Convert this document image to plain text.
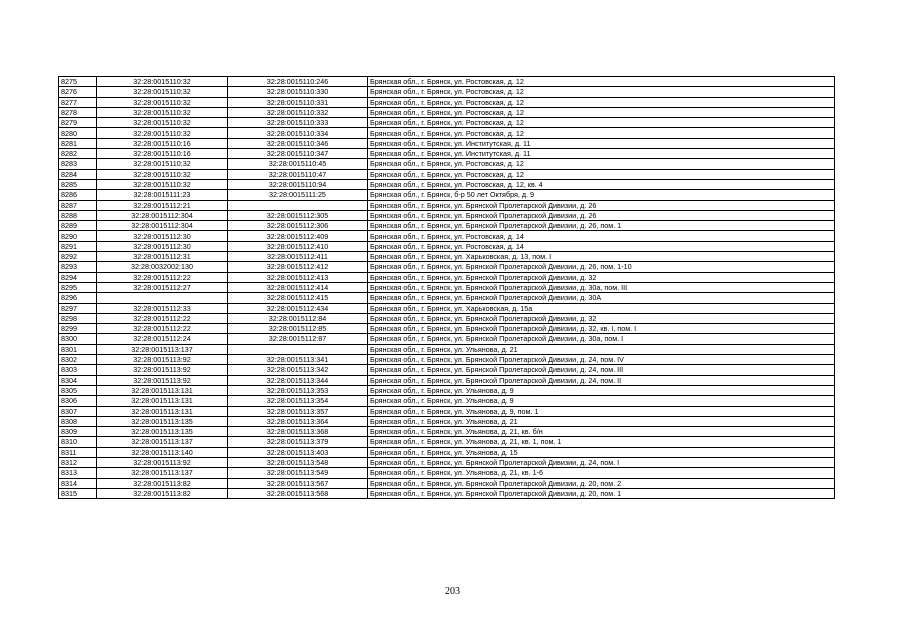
8275	32:28:0015110:32	32:28:0015110:246	Брянская обл., г. Брянск, ул. Ростовская, д. 12
8276	32:28:0015110:32	32:28:0015110:330	Брянская обл., г. Брянск, ул. Ростовская, д. 12
8277	32:28:0015110:32	32:28:0015110:331	Брянская обл., г. Брянск, ул. Ростовская, д. 12
8278	32:28:0015110:32	32:28:0015110:332	Брянская обл., г. Брянск, ул. Ростовская, д. 12
8279	32:28:0015110:32	32:28:0015110:333	Брянская обл., г. Брянск, ул. Ростовская, д. 12
8280	32:28:0015110:32	32:28:0015110:334	Брянская обл., г. Брянск, ул. Ростовская, д. 12
8281	32:28:0015110:16	32:28:0015110:346	Брянская обл., г. Брянск, ул. Институтская, д. 11
8282	32:28:0015110:16	32:28:0015110:347	Брянская обл., г. Брянск, ул. Институтская, д. 11
8283	32:28:0015110:32	32:28:0015110:45	Брянская обл., г. Брянск, ул. Ростовская, д. 12
8284	32:28:0015110:32	32:28:0015110:47	Брянская обл., г. Брянск, ул. Ростовская, д. 12
8285	32:28:0015110:32	32:28:0015110:94	Брянская обл., г. Брянск, ул. Ростовская, д. 12, кв. 4
8286	32:28:0015111:23	32:28:0015111:25	Брянская обл., г. Брянск, б-р 50 лет Октября, д. 9
8287	32:28:0015112:21		Брянская обл., г. Брянск, ул. Брянской Пролетарской Дивизии, д. 26
8288	32:28:0015112:304	32:28:0015112:305	Брянская обл., г. Брянск, ул. Брянской Пролетарской Дивизии, д. 26
8289	32:28:0015112:304	32:28:0015112:306	Брянская обл., г. Брянск, ул. Брянской Пролетарской Дивизии, д. 26, пом. 1
8290	32:28:0015112:30	32:28:0015112:409	Брянская обл., г. Брянск, ул. Ростовская, д. 14
8291	32:28:0015112:30	32:28:0015112:410	Брянская обл., г. Брянск, ул. Ростовская, д. 14
8292	32:28:0015112:31	32:28:0015112:411	Брянская обл., г. Брянск, ул. Харьковская, д. 13, пом. I
8293	32:28:0032002:130	32:28:0015112:412	Брянская обл., г. Брянск, ул. Брянской Пролетарской Дивизии, д. 26, пом. 1-10
8294	32:28:0015112:22	32:28:0015112:413	Брянская обл., г. Брянск, ул. Брянской Пролетарской Дивизии, д. 32
8295	32:28:0015112:27	32:28:0015112:414	Брянская обл., г. Брянск, ул. Брянской Пролетарской Дивизии, д. 30а, пом. III
8296		32:28:0015112:415	Брянская обл., г. Брянск, ул. Брянской Пролетарской Дивизии, д. 30А
8297	32:28:0015112:33	32:28:0015112:434	Брянская обл., г. Брянск, ул. Харьковская, д. 15а
8298	32:28:0015112:22	32:28:0015112:84	Брянская обл., г. Брянск, ул. Брянской Пролетарской Дивизии, д. 32
8299	32:28:0015112:22	32:28:0015112:85	Брянская обл., г. Брянск, ул. Брянской Пролетарской Дивизии, д. 32, кв. I, пом. I
8300	32:28:0015112:24	32:28:0015112:87	Брянская обл., г. Брянск, ул. Брянской Пролетарской Дивизии, д. 30а, пом. I
8301	32:28:0015113:137		Брянская обл., г. Брянск, ул. Ульянова, д. 21
8302	32:28:0015113:92	32:28:0015113:341	Брянская обл., г. Брянск, ул. Брянской Пролетарской Дивизии, д. 24, пом. IV
8303	32:28:0015113:92	32:28:0015113:342	Брянская обл., г. Брянск, ул. Брянской Пролетарской Дивизии, д. 24, пом. III
8304	32:28:0015113:92	32:28:0015113:344	Брянская обл., г. Брянск, ул. Брянской Пролетарской Дивизии, д. 24, пом. II
8305	32:28:0015113:131	32:28:0015113:353	Брянская обл., г. Брянск, ул. Ульянова, д. 9
8306	32:28:0015113:131	32:28:0015113:354	Брянская обл., г. Брянск, ул. Ульянова, д. 9
8307	32:28:0015113:131	32:28:0015113:357	Брянская обл., г. Брянск, ул. Ульянова, д. 9, пом. 1
8308	32:28:0015113:135	32:28:0015113:364	Брянская обл., г. Брянск, ул. Ульянова, д. 21
8309	32:28:0015113:135	32:28:0015113:368	Брянская обл., г. Брянск, ул. Ульянова, д. 21, кв. б/н
8310	32:28:0015113:137	32:28:0015113:379	Брянская обл., г. Брянск, ул. Ульянова, д. 21, кв. 1, пом. 1
8311	32:28:0015113:140	32:28:0015113:403	Брянская обл., г. Брянск, ул. Ульянова, д. 15
8312	32:28:0015113:92	32:28:0015113:548	Брянская обл., г. Брянск, ул. Брянской Пролетарской Дивизии, д. 24, пом. I
8313	32:28:0015113:137	32:28:0015113:549	Брянская обл., г. Брянск, ул. Ульянова, д. 21, кв. 1-6
8314	32:28:0015113:82	32:28:0015113:567	Брянская обл., г. Брянск, ул. Брянской Пролетарской Дивизии, д. 20, пом. 2
8315	32:28:0015113:82	32:28:0015113:568	Брянская обл., г. Брянск, ул. Брянской Пролетарской Дивизии, д. 20, пом. 1
203
